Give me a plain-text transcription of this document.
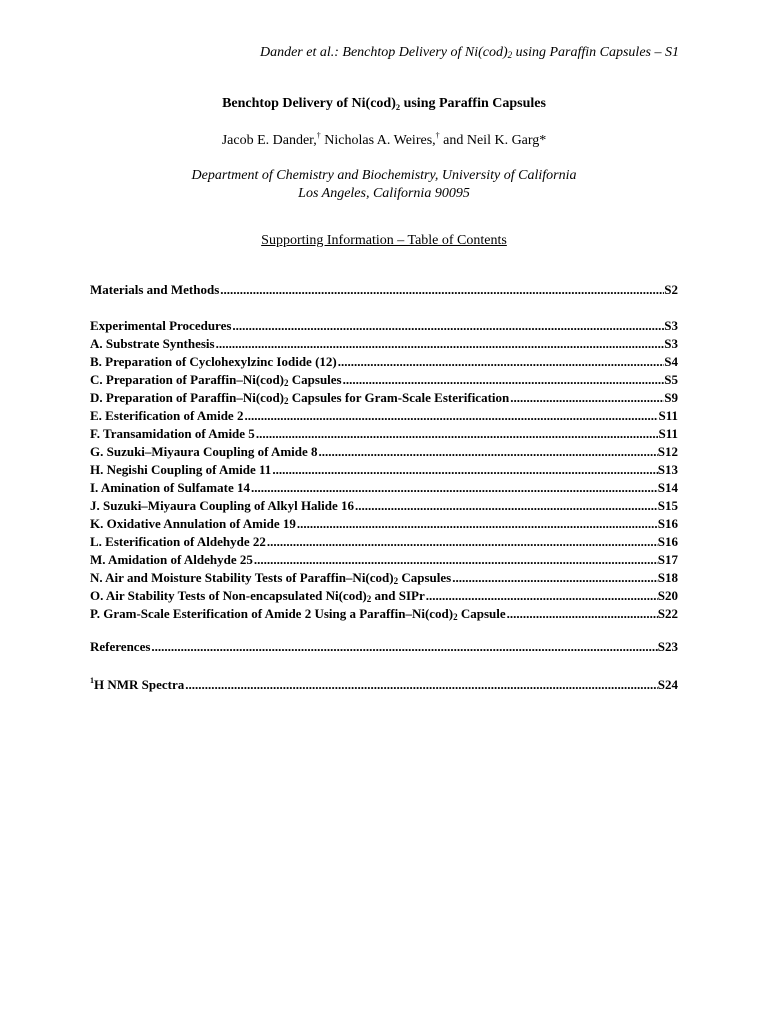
Dander et al.: Benchtop Delivery of $Ni(cod)_2$ using Paraffin Capsules – S1
Benchtop Delivery of Ni(cod)₂ using Paraffin Capsules
Jacob E. Dander,† Nicholas A. Weires,† and Neil K. Garg*
Department of Chemistry and Biochemistry, University of California
Los Angeles, California 90095
Supporting Information – Table of Contents
Materials and Methods .....	S2
Experimental Procedures .....	S3
A. Substrate Synthesis .....	S3
B. Preparation of Cyclohexylzinc Iodide (12) .....	S4
C. Preparation of Paraffin–$Ni(cod)_2$ Capsules .....	S5
D. Preparation of Paraffin–$Ni(cod)_2$ Capsules for Gram-Scale Esterification .....	S9
E. Esterification of Amide 2 .....	S11
F. Transamidation of Amide 5 .....	S11
G. Suzuki–Miyaura Coupling of Amide 8 .....	S12
H. Negishi Coupling of Amide 11 .....	S13
I. Amination of Sulfamate 14 .....	S14
J. Suzuki–Miyaura Coupling of Alkyl Halide 16 .....	S15
K. Oxidative Annulation of Amide 19 .....	S16
L. Esterification of Aldehyde 22 .....	S16
M. Amidation of Aldehyde 25 .....	S17
N. Air and Moisture Stability Tests of Paraffin–$Ni(cod)_2$ Capsules .....	S18
O. Air Stability Tests of Non-encapsulated $Ni(cod)_2$ and SIPr .....	S20
P. Gram-Scale Esterification of Amide 2 Using a Paraffin–$Ni(cod)_2$ Capsule .....	S22
References .....	S23
$^1$H NMR Spectra .....	S24
